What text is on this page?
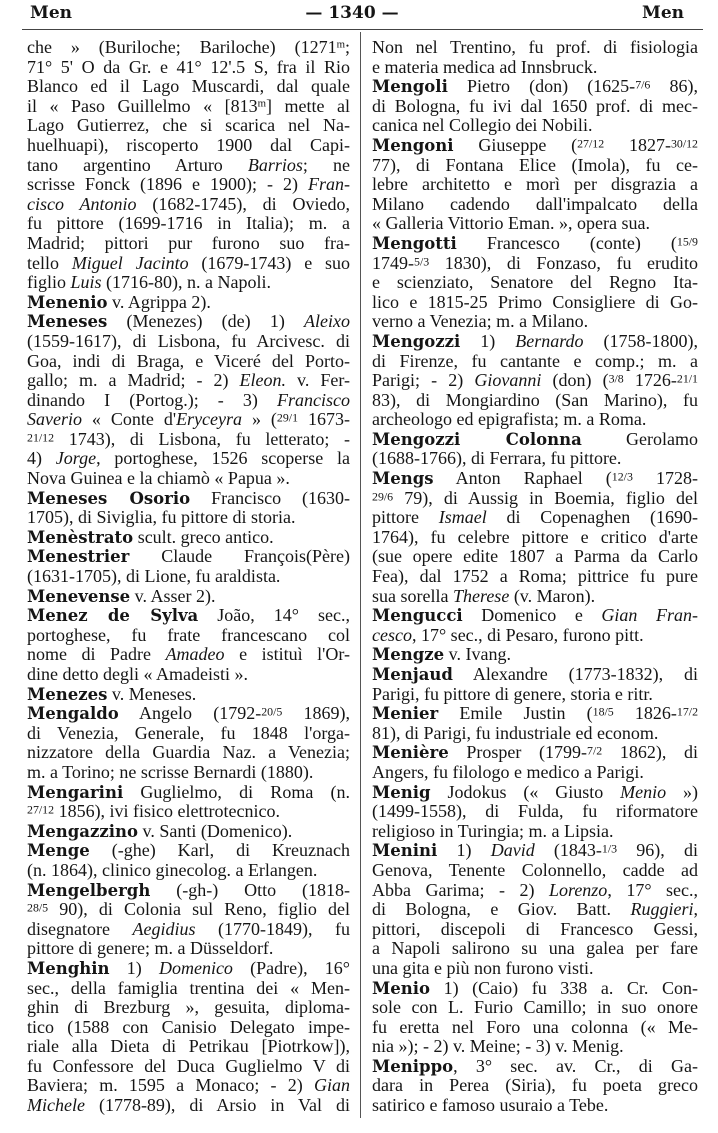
Men	— 1340 —	Men
che » (Buriloche; Bariloche) (1271$^m$;
71° 5' O da Gr. e 41° 12'.5 S, fra il Rio
Blanco ed il Lago Muscardi, dal quale
il « Paso Guillelmo « [813$^m$] mette al
Lago Gutierrez, che si scarica nel Na-
huelhuapi), riscoperto 1900 dal Capi-
tano argentino Arturo Barrios; ne
scrisse Fonck (1896 e 1900); - 2) Fran-
cisco Antonio (1682-1745), di Oviedo,
fu pittore (1699-1716 in Italia); m. a
Madrid; pittori pur furono suo fra-
tello Miguel Jacinto (1679-1743) e suo
figlio Luis (1716-80), n. a Napoli.
Menenio v. Agrippa 2).
Meneses (Menezes) (de) 1) Aleixo
(1559-1617), di Lisbona, fu Arcivesc. di
Goa, indi di Braga, e Viceré del Porto-
gallo; m. a Madrid; - 2) Eleon. v. Fer-
dinando I (Portog.); - 3) Francisco
Saverio « Conte d'Eryceyra » (29/1 1673-
21/12 1743), di Lisbona, fu letterato; -
4) Jorge, portoghese, 1526 scoperse la
Nova Guinea e la chiamò « Papua ».
Meneses Osorio Francisco (1630-
1705), di Siviglia, fu pittore di storia.
Menèstrato scult. greco antico.
Menestrier Claude François(Père)
(1631-1705), di Lione, fu araldista.
Menevense v. Asser 2).
Menez de Sylva João, 14° sec.,
portoghese, fu frate francescano col
nome di Padre Amadeo e istituì l'Or-
dine detto degli « Amadeisti ».
Menezes v. Meneses.
Mengaldo Angelo (1792-20/5 1869),
di Venezia, Generale, fu 1848 l'orga-
nizzatore della Guardia Naz. a Venezia;
m. a Torino; ne scrisse Bernardi (1880).
Mengarini Guglielmo, di Roma (n.
27/12 1856), ivi fisico elettrotecnico.
Mengazzino v. Santi (Domenico).
Menge (-ghe) Karl, di Kreuznach
(n. 1864), clinico ginecolog. a Erlangen.
Mengelbergh (-gh-) Otto (1818-
28/5 90), di Colonia sul Reno, figlio del
disegnatore Aegidius (1770-1849), fu
pittore di genere; m. a Düsseldorf.
Menghin 1) Domenico (Padre), 16°
sec., della famiglia trentina dei « Men-
ghin di Brezburg », gesuita, diploma-
tico (1588 con Canisio Delegato impe-
riale alla Dieta di Petrikau [Piotrkow]),
fu Confessore del Duca Guglielmo V di
Baviera; m. 1595 a Monaco; - 2) Gian
Michele (1778-89), di Arsio in Val di
Non nel Trentino, fu prof. di fisiologia
e materia medica ad Innsbruck.
Mengoli Pietro (don) (1625-7/6 86),
di Bologna, fu ivi dal 1650 prof. di mec-
canica nel Collegio dei Nobili.
Mengoni Giuseppe (27/12 1827-30/12
77), di Fontana Elice (Imola), fu ce-
lebre architetto e morì per disgrazia a
Milano cadendo dall'impalcato della
« Galleria Vittorio Eman. », opera sua.
Mengotti Francesco (conte) (15/9
1749-5/3 1830), di Fonzaso, fu erudito
e scienziato, Senatore del Regno Ita-
lico e 1815-25 Primo Consigliere di Go-
verno a Venezia; m. a Milano.
Mengozzi 1) Bernardo (1758-1800),
di Firenze, fu cantante e comp.; m. a
Parigi; - 2) Giovanni (don) (3/8 1726-21/1
83), di Mongiardino (San Marino), fu
archeologo ed epigrafista; m. a Roma.
Mengozzi Colonna Gerolamo
(1688-1766), di Ferrara, fu pittore.
Mengs Anton Raphael (12/3 1728-
29/6 79), di Aussig in Boemia, figlio del
pittore Ismael di Copenaghen (1690-
1764), fu celebre pittore e critico d'arte
(sue opere edite 1807 a Parma da Carlo
Fea), dal 1752 a Roma; pittrice fu pure
sua sorella Therese (v. Maron).
Mengucci Domenico e Gian Fran-
cesco, 17° sec., di Pesaro, furono pitt.
Mengze v. Ivang.
Menjaud Alexandre (1773-1832), di
Parigi, fu pittore di genere, storia e ritr.
Menier Emile Justin (18/5 1826-17/2
81), di Parigi, fu industriale ed econom.
Menière Prosper (1799-7/2 1862), di
Angers, fu filologo e medico a Parigi.
Menig Jodokus (« Giusto Menio »)
(1499-1558), di Fulda, fu riformatore
religioso in Turingia; m. a Lipsia.
Menini 1) David (1843-1/3 96), di
Genova, Tenente Colonnello, cadde ad
Abba Garima; - 2) Lorenzo, 17° sec.,
di Bologna, e Giov. Batt. Ruggieri,
pittori, discepoli di Francesco Gessi,
a Napoli salirono su una galea per fare
una gita e più non furono visti.
Menio 1) (Caio) fu 338 a. Cr. Con-
sole con L. Furio Camillo; in suo onore
fu eretta nel Foro una colonna (« Me-
nia »); - 2) v. Meine; - 3) v. Menig.
Menippo, 3° sec. av. Cr., di Ga-
dara in Perea (Siria), fu poeta greco
satirico e famoso usuraio a Tebe.
